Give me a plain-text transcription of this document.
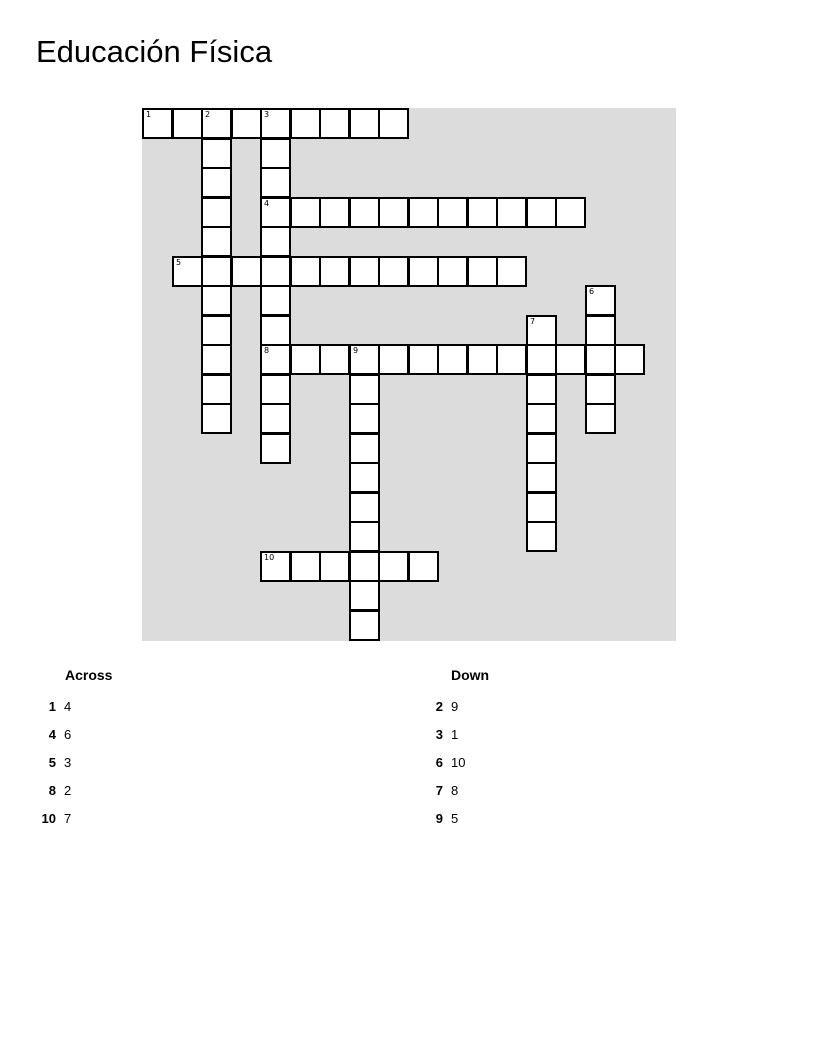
Educación Física
1	2	3
4
8
5
6
7
9
10
Across
1 4
4 6
5 3
8 2
10 7
Down
2 9
3 1
6 10
7 8
9 5
